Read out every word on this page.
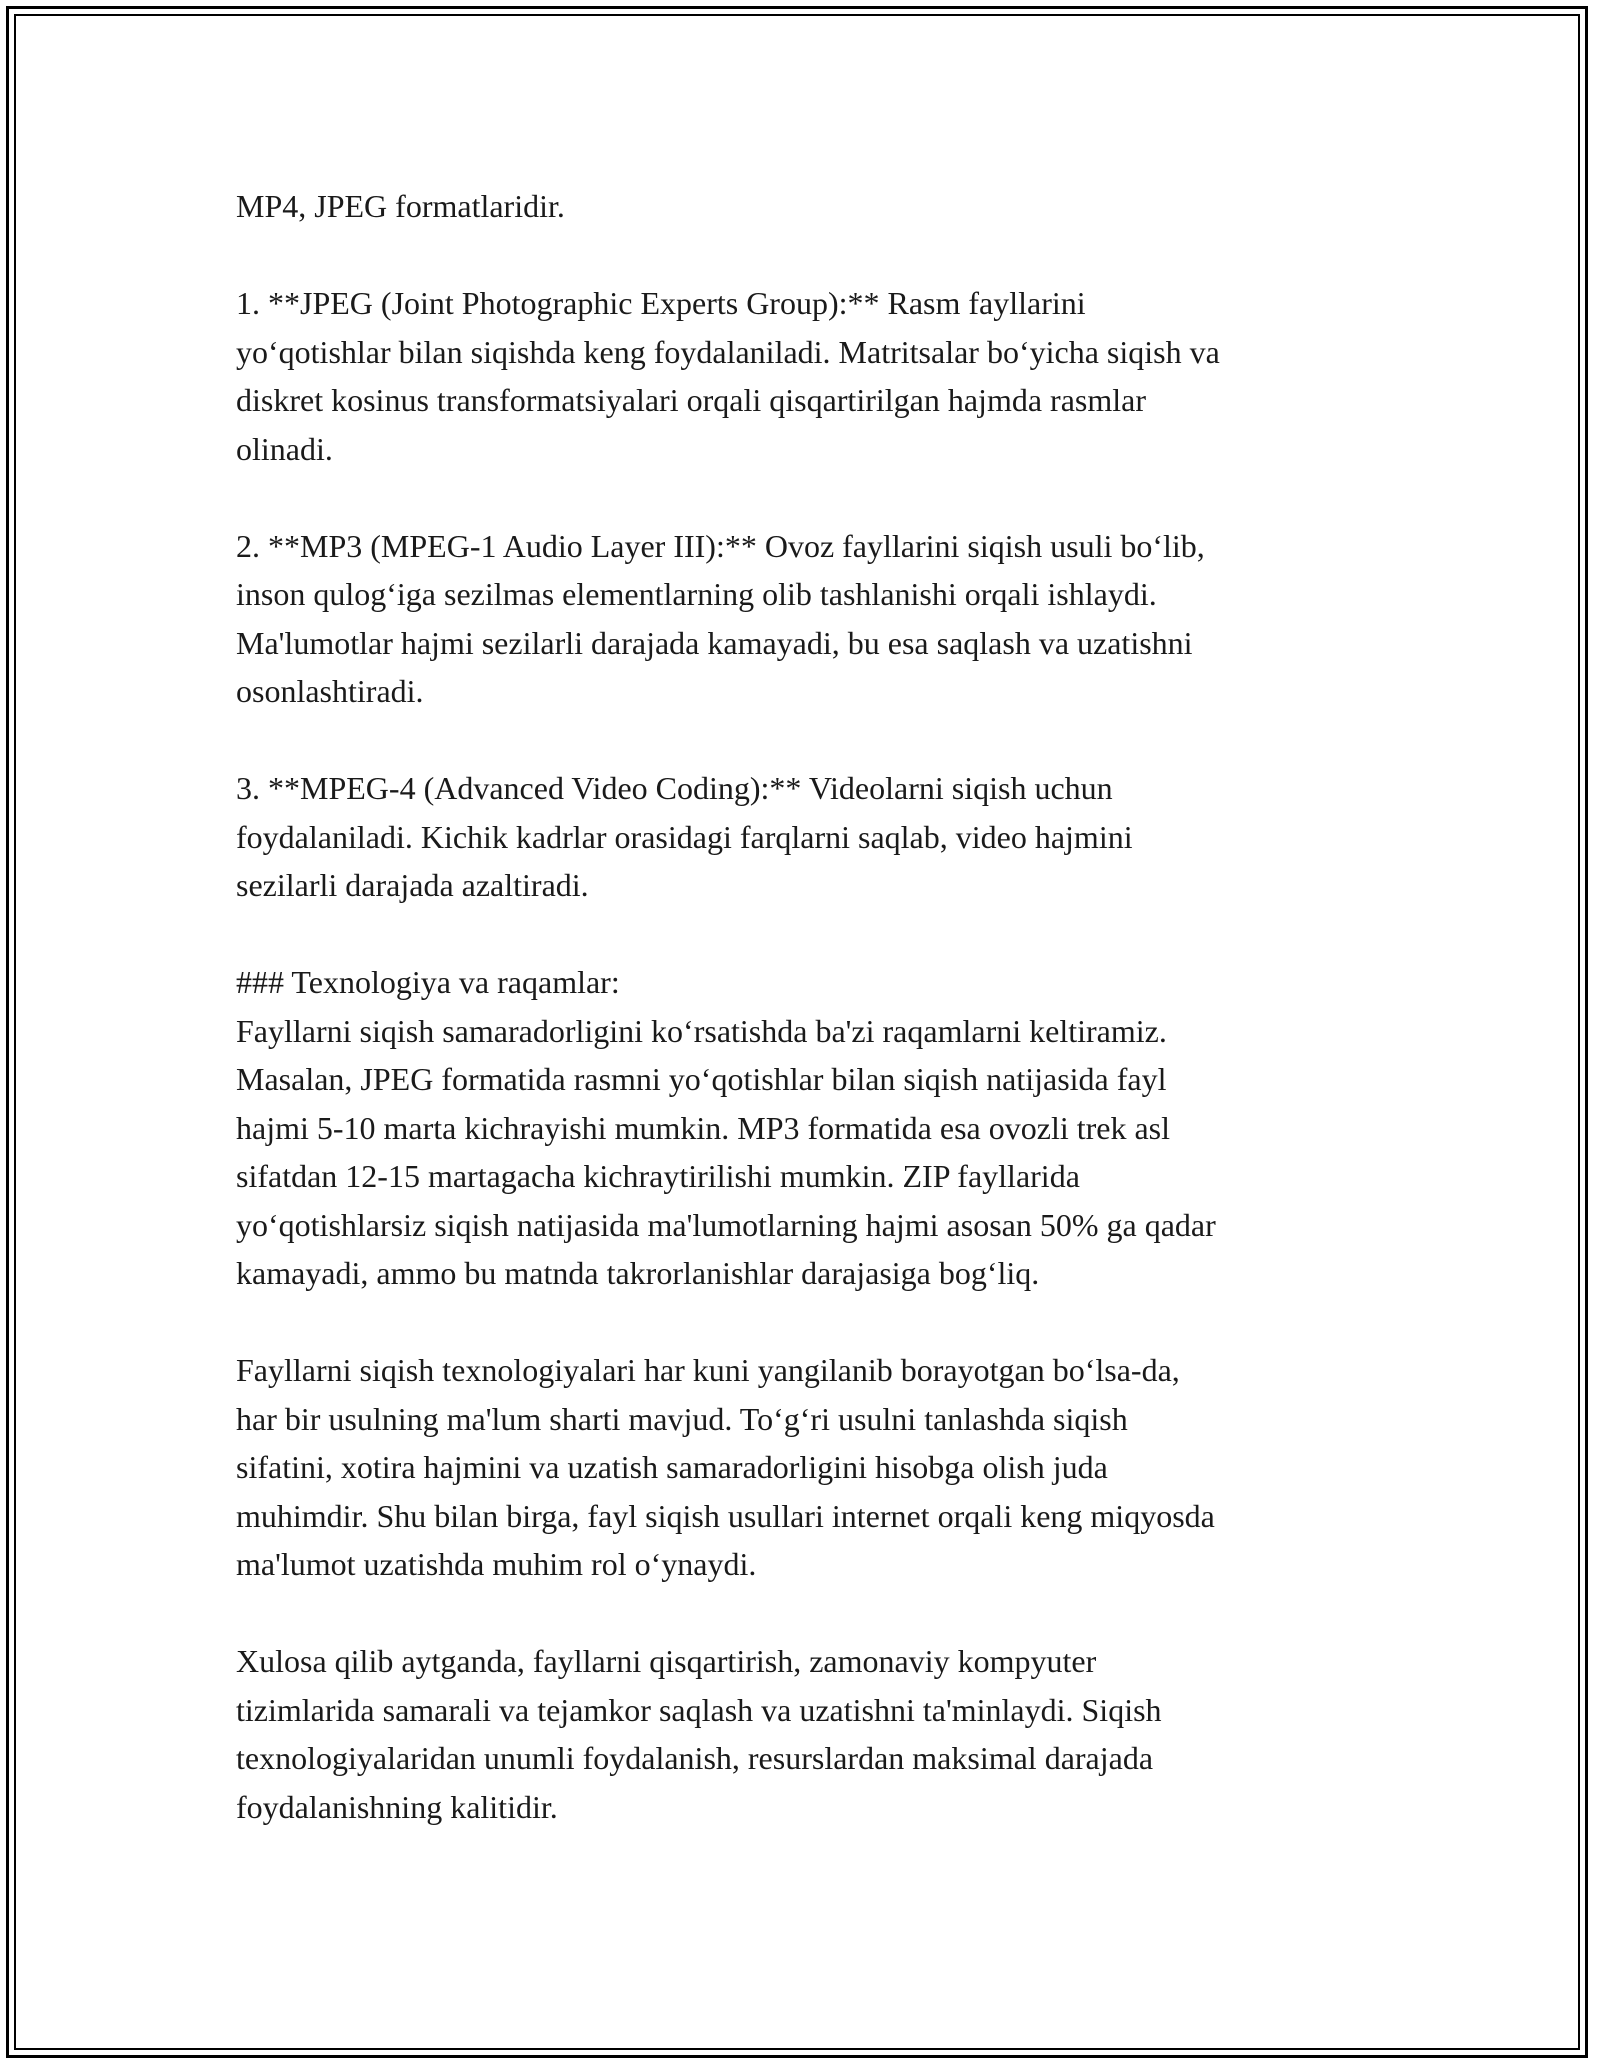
MP4, JPEG formatlaridir.

1. **JPEG (Joint Photographic Experts Group):** Rasm fayllarini
yo‘qotishlar bilan siqishda keng foydalaniladi. Matritsalar bo‘yicha siqish va
diskret kosinus transformatsiyalari orqali qisqartirilgan hajmda rasmlar
olinadi.

2. **MP3 (MPEG-1 Audio Layer III):** Ovoz fayllarini siqish usuli bo‘lib,
inson qulog‘iga sezilmas elementlarning olib tashlanishi orqali ishlaydi.
Ma'lumotlar hajmi sezilarli darajada kamayadi, bu esa saqlash va uzatishni
osonlashtiradi.

3. **MPEG-4 (Advanced Video Coding):** Videolarni siqish uchun
foydalaniladi. Kichik kadrlar orasidagi farqlarni saqlab, video hajmini
sezilarli darajada azaltiradi.

### Texnologiya va raqamlar:
Fayllarni siqish samaradorligini ko‘rsatishda ba'zi raqamlarni keltiramiz.
Masalan, JPEG formatida rasmni yo‘qotishlar bilan siqish natijasida fayl
hajmi 5-10 marta kichrayishi mumkin. MP3 formatida esa ovozli trek asl
sifatdan 12-15 martagacha kichraytirilishi mumkin. ZIP fayllarida
yo‘qotishlarsiz siqish natijasida ma'lumotlarning hajmi asosan 50% ga qadar
kamayadi, ammo bu matnda takrorlanishlar darajasiga bog‘liq.

Fayllarni siqish texnologiyalari har kuni yangilanib borayotgan bo‘lsa-da,
har bir usulning ma'lum sharti mavjud. To‘g‘ri usulni tanlashda siqish
sifatini, xotira hajmini va uzatish samaradorligini hisobga olish juda
muhimdir. Shu bilan birga, fayl siqish usullari internet orqali keng miqyosda
ma'lumot uzatishda muhim rol o‘ynaydi.

Xulosa qilib aytganda, fayllarni qisqartirish, zamonaviy kompyuter
tizimlarida samarali va tejamkor saqlash va uzatishni ta'minlaydi. Siqish
texnologiyalaridan unumli foydalanish, resurslardan maksimal darajada
foydalanishning kalitidir.
